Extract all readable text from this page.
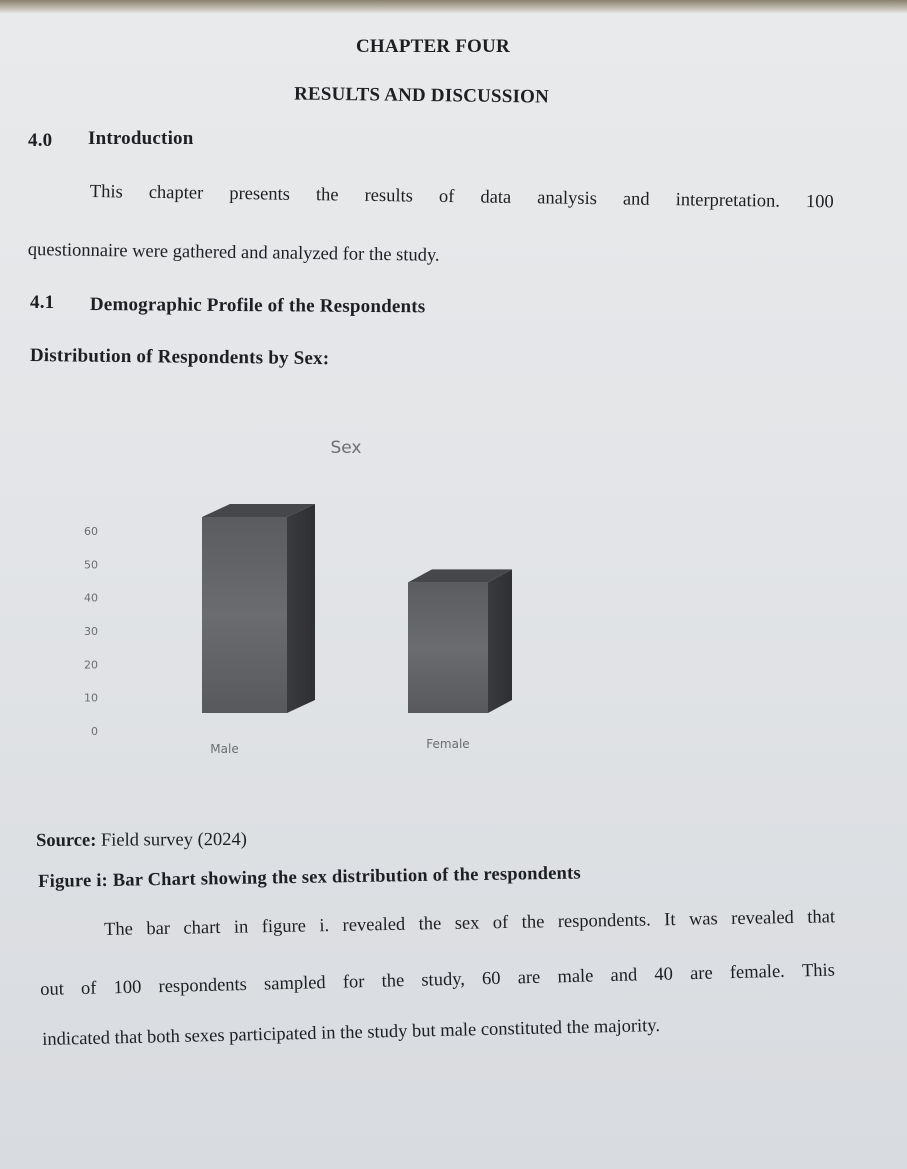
CHAPTER FOUR
RESULTS AND DISCUSSION
4.0 Introduction
This chapter presents the results of data analysis and interpretation. 100
questionnaire were gathered and analyzed for the study.
4.1 Demographic Profile of the Respondents
Distribution of Respondents by Sex:
Sex
0
10
20
30
40
50
60
Male	Female
Source: Field survey (2024)
Figure i: Bar Chart showing the sex distribution of the respondents
The bar chart in figure i. revealed the sex of the respondents. It was revealed that
out of 100 respondents sampled for the study, 60 are male and 40 are female. This
indicated that both sexes participated in the study but male constituted the majority.
